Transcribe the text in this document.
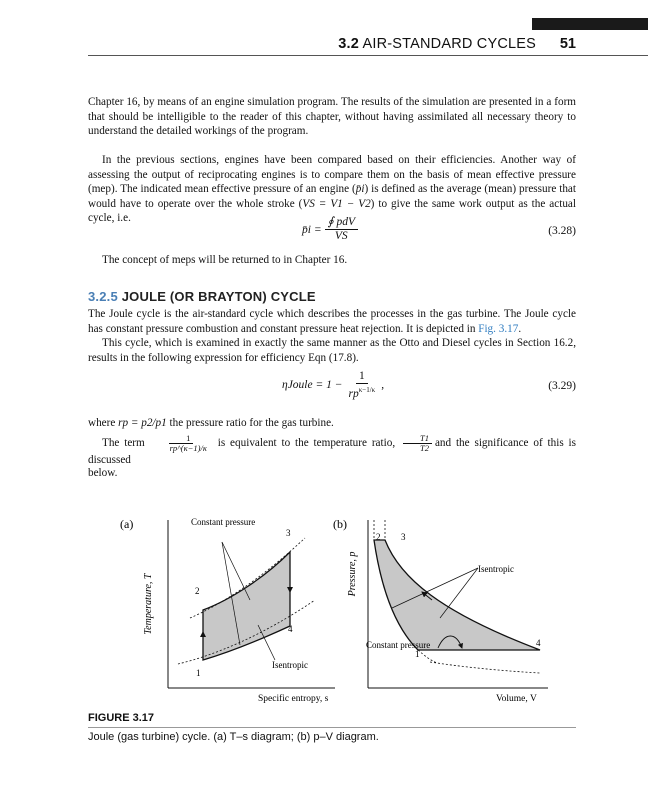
3.2 AIR-STANDARD CYCLES 51

Chapter 16, by means of an engine simulation program. The results of the simulation are presented in a form that should be intelligible to the reader of this chapter, without having assimilated all necessary theory to understand the detailed workings of the program.

In the previous sections, engines have been compared based on their efficiencies. Another way of assessing the output of reciprocating engines is to compare them on the basis of mean effective pressure (mep). The indicated mean effective pressure of an engine (p̄i) is defined as the average (mean) pressure that would have to operate over the whole stroke (VS = V1 − V2) to give the same work output as the actual cycle, i.e.

p̄i = $\frac{\text{∮ pdV}}{VS}$	(3.28)

The concept of meps will be returned to in Chapter 16.

3.2.5 JOULE (OR BRAYTON) CYCLE

The Joule cycle is the air-standard cycle which describes the processes in the gas turbine. The Joule cycle has constant pressure combustion and constant pressure heat rejection. It is depicted in Fig. 3.17.

This cycle, which is examined in exactly the same manner as the Otto and Diesel cycles in Section 16.2, results in the following expression for efficiency Eqn (17.8).

ηJoule = $1 - \frac{1}{rp^{\kappa-1/\kappa}}$ ,	(3.29)

where rp = p2/p1 the pressure ratio for the gas turbine.

The term $\frac{1}{rp\^{}(\kappa-1)/\kappa}$ is equivalent to the temperature ratio, $\frac{T1}{T2}$ and the significance of this is discussed

below.

(a)
Temperature, T
Constant pressure
Isentropic
1
2
3
4
(b)
Pressure, p	Isentropic
Constant pressure
2 3
1
4
Specific entropy, s	Volume, V
FIGURE 3.17
Joule (gas turbine) cycle. (a) T–s diagram; (b) p–V diagram.
